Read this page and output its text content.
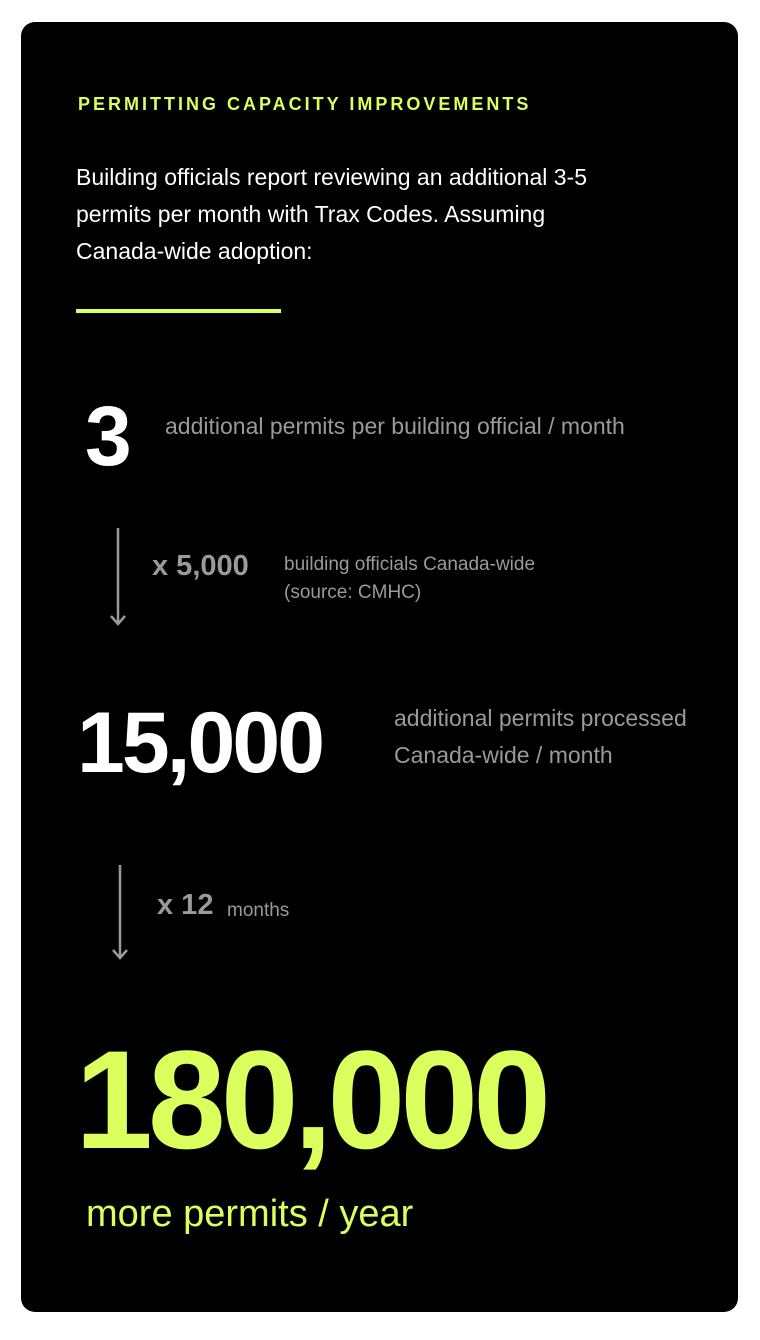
PERMITTING CAPACITY IMPROVEMENTS
Building officials report reviewing an additional 3-5 permits per month with Trax Codes. Assuming Canada-wide adoption:
3 additional permits per building official / month
x 5,000 building officials Canada-wide (source: CMHC)
15,000	additional permits processed Canada-wide / month
x 12 months
180,000
more permits / year
